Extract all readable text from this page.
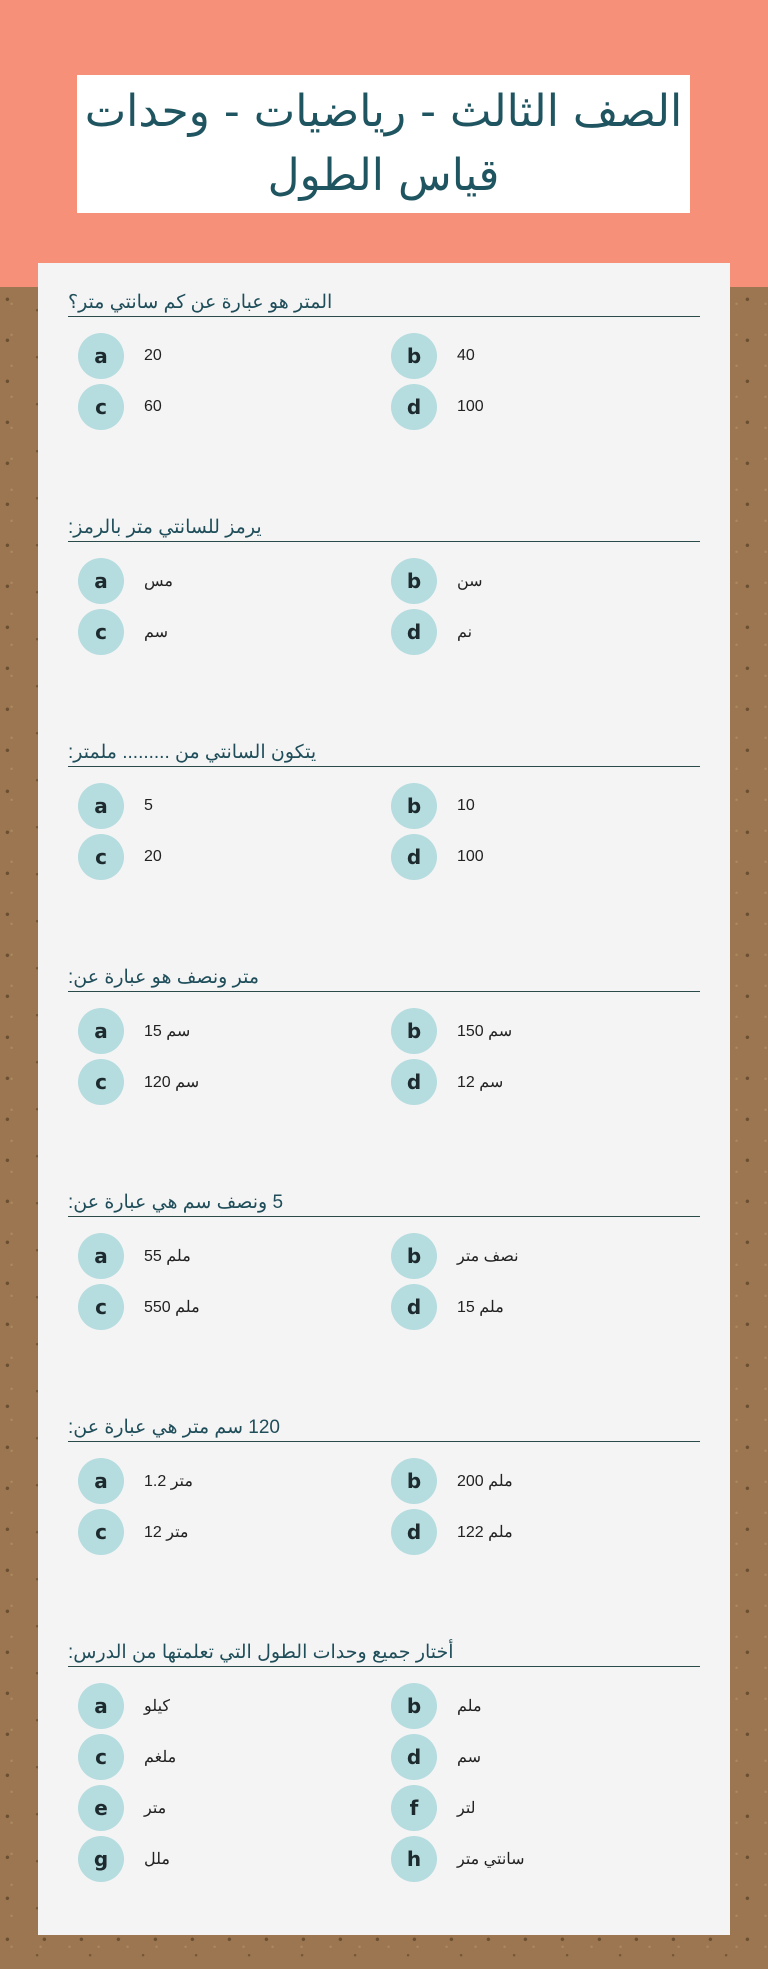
الصف الثالث - رياضيات - وحدات قياس الطول

المتر هو عبارة عن كم سانتي متر؟

a	20	b	40
c	60	d	100

يرمز للسانتي متر بالرمز:

a	مس	b	سن
c	سم	d	نم

يتكون السانتي من ......... ملمتر:

a	5	b	10
c	20	d	100

متر ونصف هو عبارة عن:

a	15 سم	b	150 سم
c	120 سم	d	12 سم

5 ونصف سم هي عبارة عن:

a	55 ملم	b	نصف متر
c	550 ملم	d	15 ملم

120 سم متر هي عبارة عن:

a	1.2 متر	b	200 ملم
c	12 متر	d	122 ملم

أختار جميع وحدات الطول التي تعلمتها من الدرس:

a	كيلو	b	ملم
c	ملغم	d	سم
e	متر	f	لتر
g	ملل	h	سانتي متر
